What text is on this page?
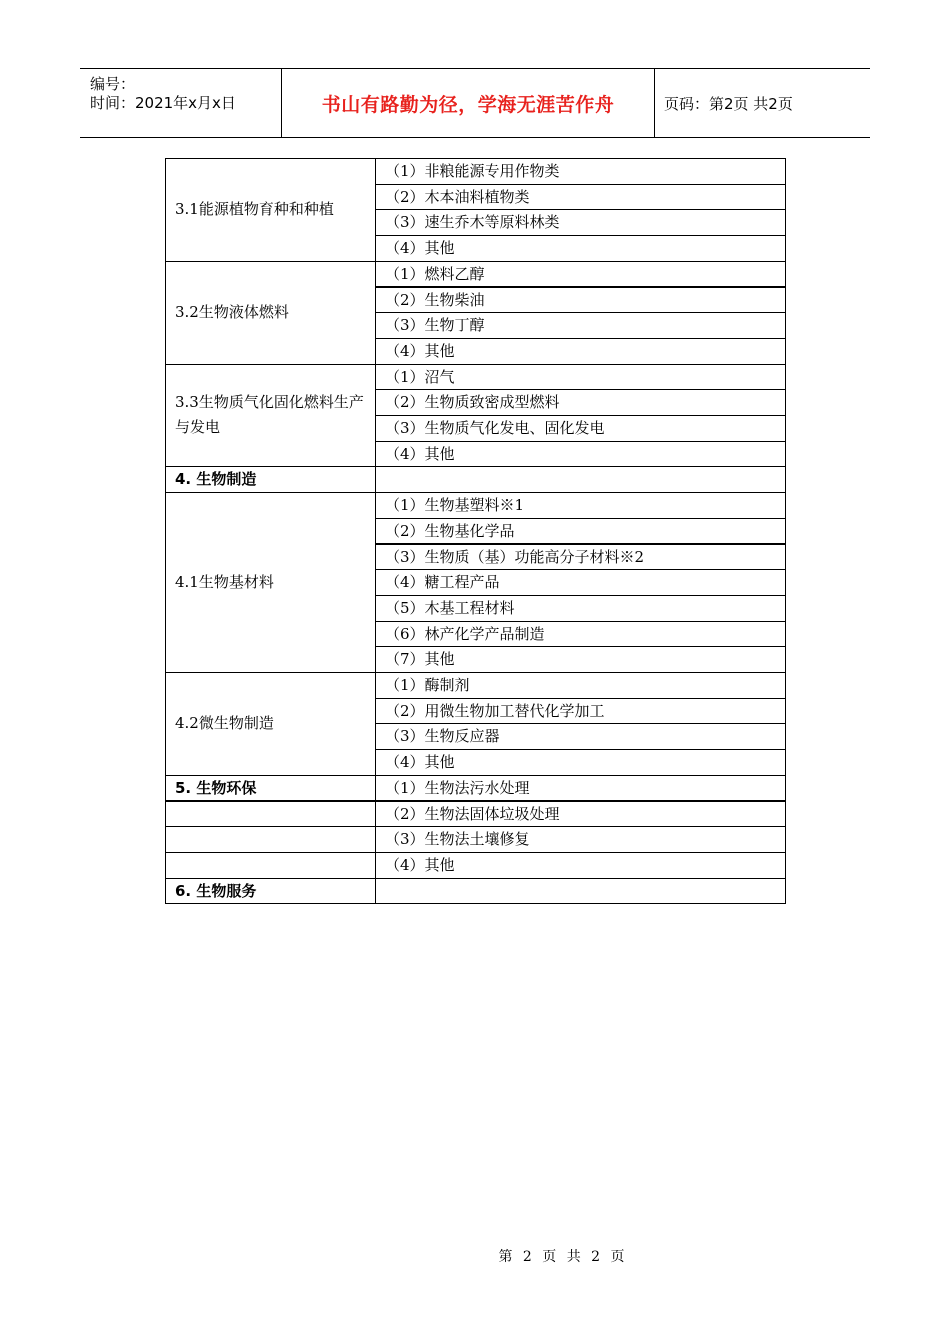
编号：
时间：2021年x月x日	书山有路勤为径，学海无涯苦作舟	页码：第2页 共2页
3.1能源植物育种和种植
（1）非粮能源专用作物类
（2）木本油料植物类
（3）速生乔木等原料林类
（4）其他
3.2生物液体燃料
（1）燃料乙醇
（2）生物柴油
（3）生物丁醇
（4）其他
3.3生物质气化固化燃料生产与发电
（1）沼气
（2）生物质致密成型燃料
（3）生物质气化发电、固化发电
（4）其他
4. 生物制造
4.1生物基材料
（1）生物基塑料※1
（2）生物基化学品
（3）生物质（基）功能高分子材料※2
（4）糖工程产品
（5）木基工程材料
（6）林产化学产品制造
（7）其他
4.2微生物制造
（1）酶制剂
（2）用微生物加工替代化学加工
（3）生物反应器
（4）其他
5. 生物环保	（1）生物法污水处理
（2）生物法固体垃圾处理
（3）生物法土壤修复
（4）其他
6. 生物服务
第 2 页 共 2 页
